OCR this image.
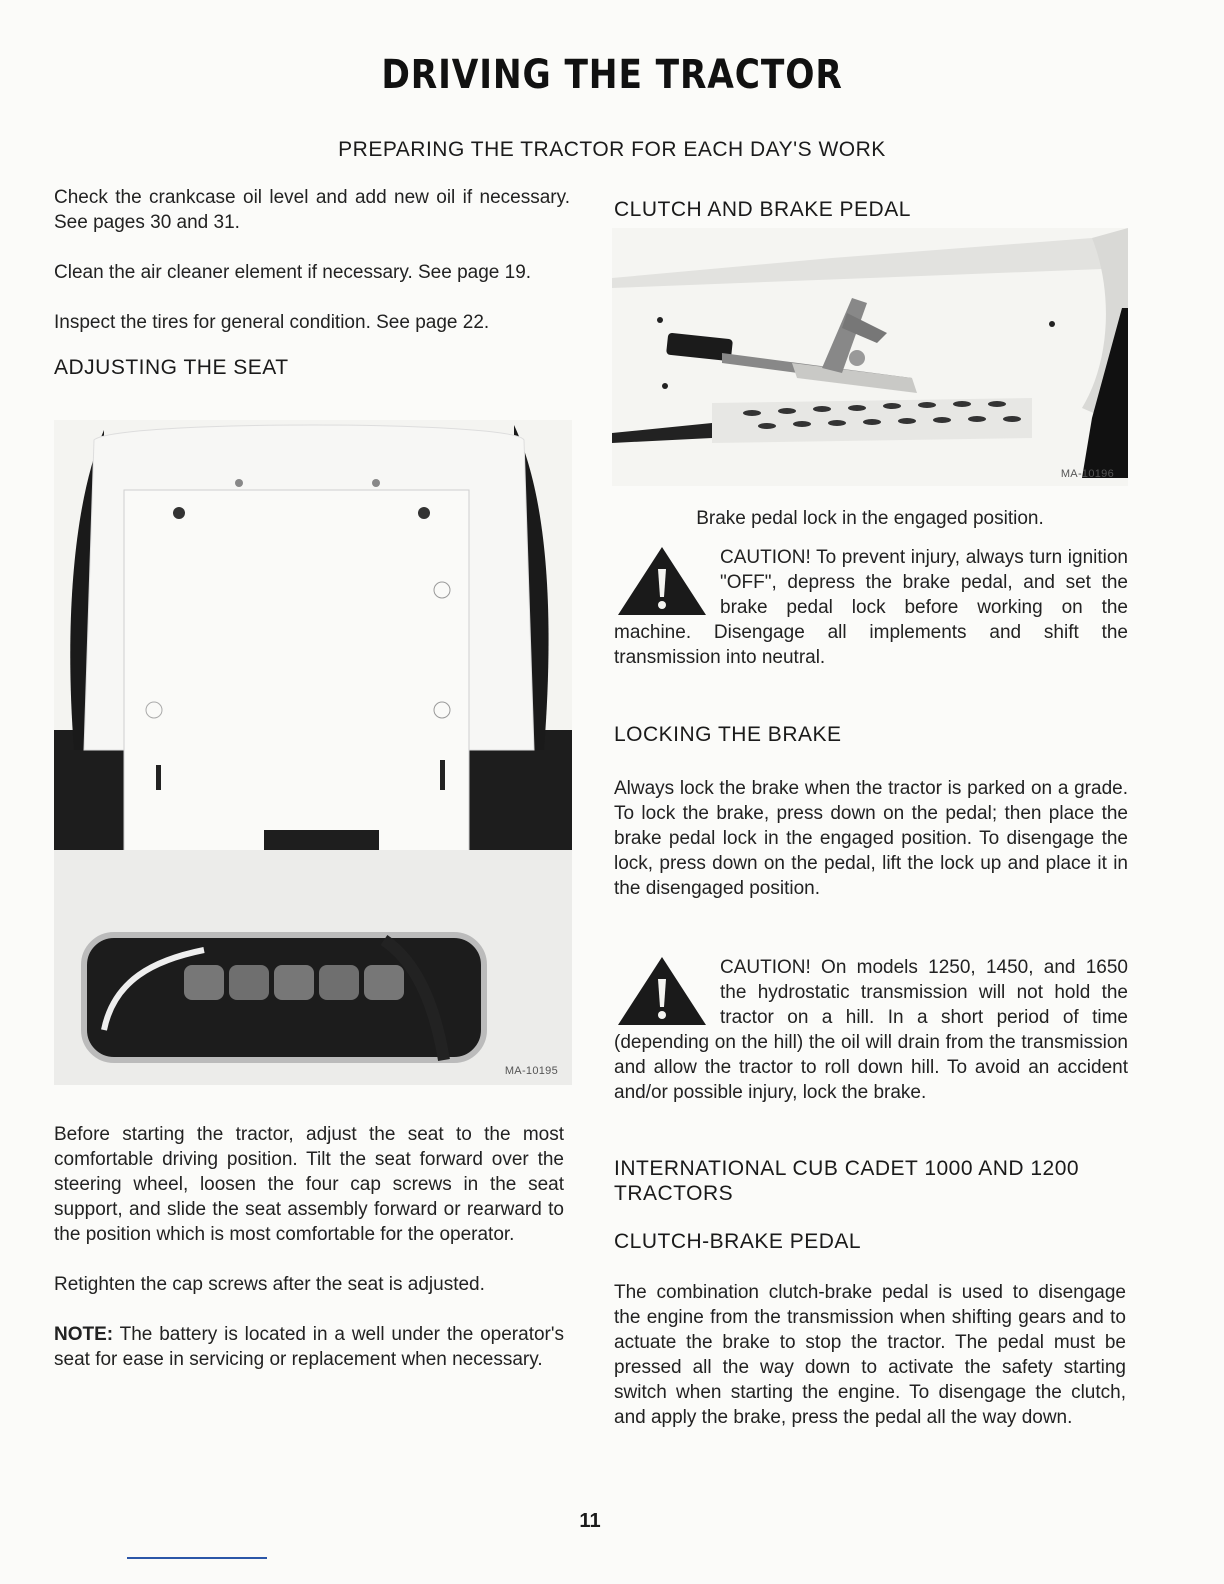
DRIVING THE TRACTOR
PREPARING THE TRACTOR FOR EACH DAY'S WORK

Check the crankcase oil level and add new oil if necessary. See pages 30 and 31.

Clean the air cleaner element if necessary. See page 19.

Inspect the tires for general condition. See page 22.

ADJUSTING THE SEAT

MA-10195

Before starting the tractor, adjust the seat to the most comfortable driving position. Tilt the seat forward over the steering wheel, loosen the four cap screws in the seat support, and slide the seat assembly forward or rearward to the position which is most comfortable for the operator.

Retighten the cap screws after the seat is adjusted.

NOTE: The battery is located in a well under the operator's seat for ease in servicing or replacement when necessary.

CLUTCH AND BRAKE PEDAL

MA-10196
Brake pedal lock in the engaged position.

CAUTION! To prevent injury, always turn ignition "OFF", depress the brake pedal, and set the brake pedal lock before working on the machine. Disengage all implements and shift the transmission into neutral.

LOCKING THE BRAKE

Always lock the brake when the tractor is parked on a grade. To lock the brake, press down on the pedal; then place the brake pedal lock in the engaged position. To disengage the lock, press down on the pedal, lift the lock up and place it in the disengaged position.

CAUTION! On models 1250, 1450, and 1650 the hydrostatic transmission will not hold the tractor on a hill. In a short period of time (depending on the hill) the oil will drain from the transmission and allow the tractor to roll down hill. To avoid an accident and/or possible injury, lock the brake.

INTERNATIONAL CUB CADET 1000 AND 1200 TRACTORS

CLUTCH-BRAKE PEDAL

The combination clutch-brake pedal is used to disengage the engine from the transmission when shifting gears and to actuate the brake to stop the tractor. The pedal must be pressed all the way down to activate the safety starting switch when starting the engine. To disengage the clutch, and apply the brake, press the pedal all the way down.

11
